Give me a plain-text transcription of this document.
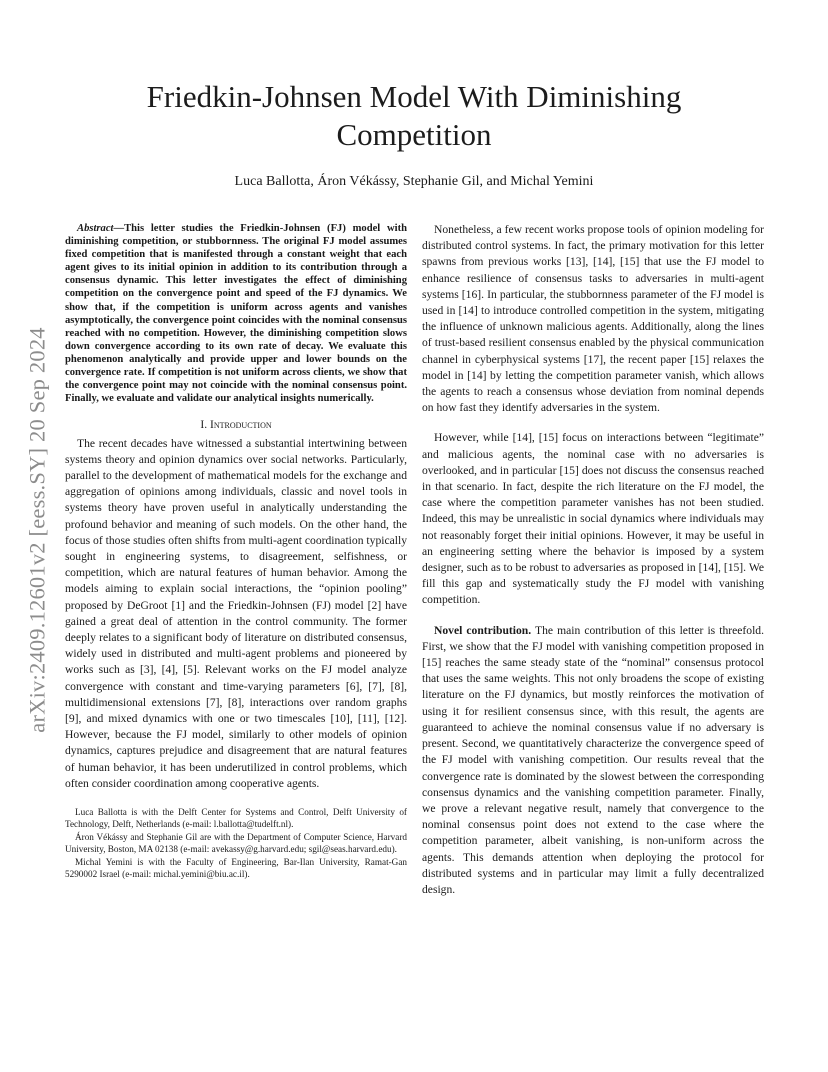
arXiv:2409.12601v2 [eess.SY] 20 Sep 2024
Friedkin-Johnsen Model With Diminishing Competition
Luca Ballotta, Áron Vékássy, Stephanie Gil, and Michal Yemini

Abstract—This letter studies the Friedkin-Johnsen (FJ) model with diminishing competition, or stubbornness. The original FJ model assumes fixed competition that is manifested through a constant weight that each agent gives to its initial opinion in addition to its contribution through a consensus dynamic. This letter investigates the effect of diminishing competition on the convergence point and speed of the FJ dynamics. We show that, if the competition is uniform across agents and vanishes asymptotically, the convergence point coincides with the nominal consensus reached with no competition. However, the diminishing competition slows down convergence according to its own rate of decay. We evaluate this phenomenon analytically and provide upper and lower bounds on the convergence rate. If competition is not uniform across clients, we show that the convergence point may not coincide with the nominal consensus point. Finally, we evaluate and validate our analytical insights numerically.

I. Introduction

The recent decades have witnessed a substantial intertwining between systems theory and opinion dynamics over social networks. Particularly, parallel to the development of mathematical models for the exchange and aggregation of opinions among individuals, classic and novel tools in systems theory have proven useful in analytically understanding the profound behavior and meaning of such models. On the other hand, the focus of those studies often shifts from multi-agent coordination typically sought in engineering systems, to disagreement, selfishness, or competition, which are natural features of human behavior. Among the models aiming to explain social interactions, the “opinion pooling” proposed by DeGroot [1] and the Friedkin-Johnsen (FJ) model [2] have gained a great deal of attention in the control community. The former deeply relates to a significant body of literature on distributed consensus, widely used in distributed and multi-agent problems and pioneered by works such as [3], [4], [5]. Relevant works on the FJ model analyze convergence with constant and time-varying parameters [6], [7], [8], multidimensional extensions [7], [8], interactions over random graphs [9], and mixed dynamics with one or two timescales [10], [11], [12]. However, because the FJ model, similarly to other models of opinion dynamics, captures prejudice and disagreement that are natural features of human behavior, it has been underutilized in control problems, which often consider coordination among cooperative agents.

Luca Ballotta is with the Delft Center for Systems and Control, Delft University of Technology, Delft, Netherlands (e-mail: l.ballotta@tudelft.nl).

Áron Vékássy and Stephanie Gil are with the Department of Computer Science, Harvard University, Boston, MA 02138 (e-mail: avekassy@g.harvard.edu; sgil@seas.harvard.edu).

Michal Yemini is with the Faculty of Engineering, Bar-Ilan University, Ramat-Gan 5290002 Israel (e-mail: michal.yemini@biu.ac.il).

Nonetheless, a few recent works propose tools of opinion modeling for distributed control systems. In fact, the primary motivation for this letter spawns from previous works [13], [14], [15] that use the FJ model to enhance resilience of consensus tasks to adversaries in multi-agent systems [16]. In particular, the stubbornness parameter of the FJ model is used in [14] to introduce controlled competition in the system, mitigating the influence of unknown malicious agents. Additionally, along the lines of trust-based resilient consensus enabled by the physical communication channel in cyberphysical systems [17], the recent paper [15] relaxes the model in [14] by letting the competition parameter vanish, which allows the agents to reach a consensus whose deviation from nominal depends on how fast they identify adversaries in the system.

However, while [14], [15] focus on interactions between “legitimate” and malicious agents, the nominal case with no adversaries is overlooked, and in particular [15] does not discuss the consensus reached in that scenario. In fact, despite the rich literature on the FJ model, the case where the competition parameter vanishes has not been studied. Indeed, this may be unrealistic in social dynamics where individuals may not reasonably forget their initial opinions. However, it may be useful in an engineering setting where the behavior is imposed by a system designer, such as to be robust to adversaries as proposed in [14], [15]. We fill this gap and systematically study the FJ model with vanishing competition.

Novel contribution. The main contribution of this letter is threefold. First, we show that the FJ model with vanishing competition proposed in [15] reaches the same steady state of the “nominal” consensus protocol that uses the same weights. This not only broadens the scope of existing literature on the FJ dynamics, but mostly reinforces the motivation of using it for resilient consensus since, with this result, the agents are guaranteed to achieve the nominal consensus value if no adversary is present. Second, we quantitatively characterize the convergence speed of the FJ model with vanishing competition. Our results reveal that the convergence rate is dominated by the slowest between the corresponding consensus dynamics and the vanishing competition parameter. Finally, we prove a relevant negative result, namely that convergence to the nominal consensus point does not extend to the case where the competition parameter, albeit vanishing, is non-uniform across the agents. This demands attention when deploying the protocol for distributed systems and in particular may limit a fully decentralized design.
